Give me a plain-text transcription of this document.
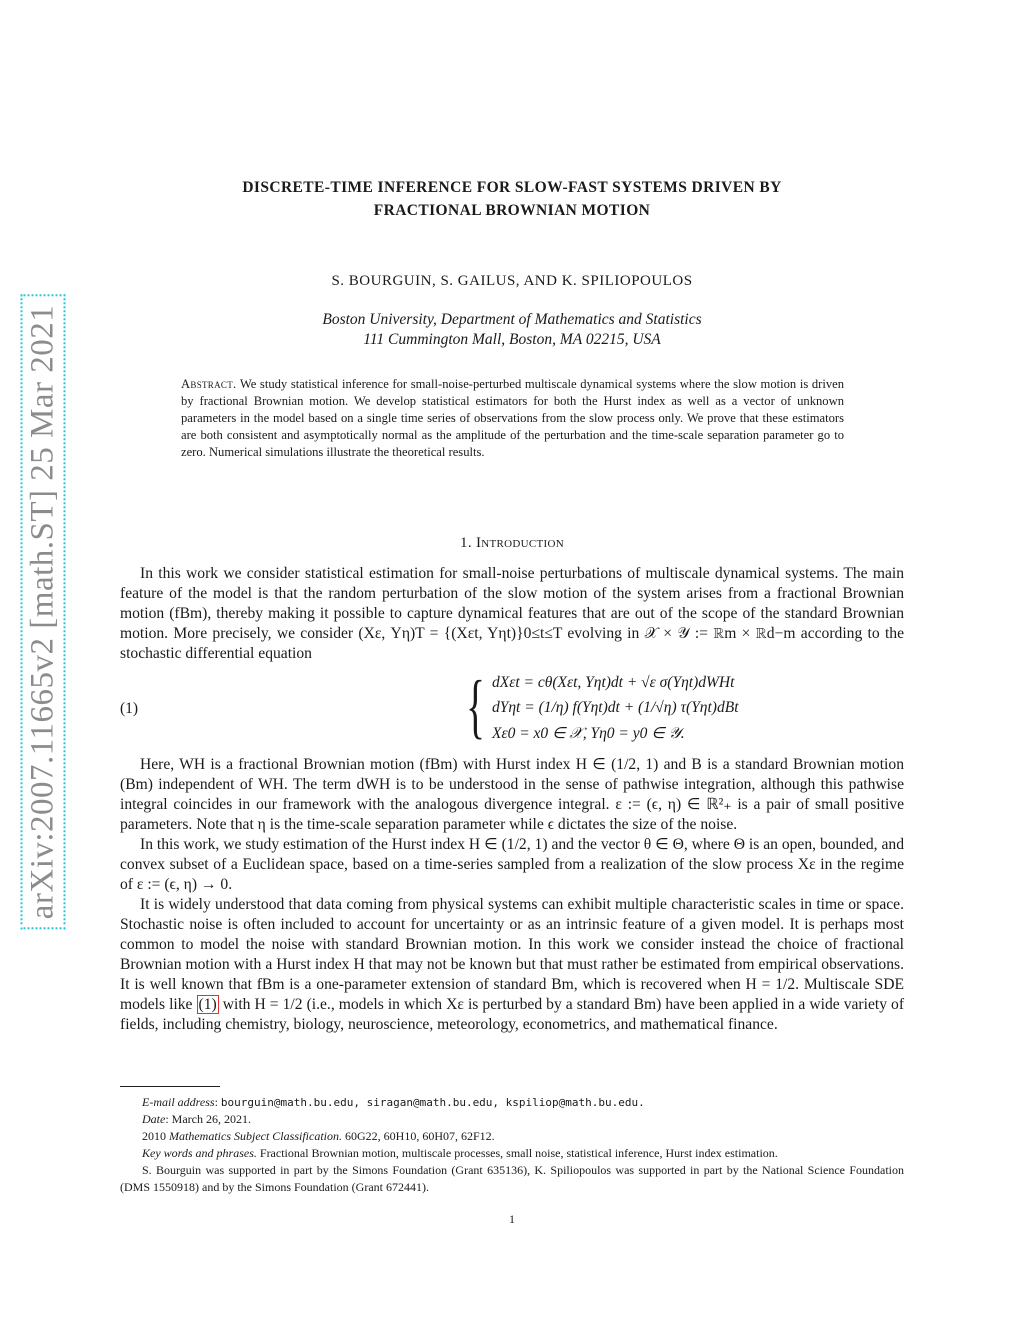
arXiv:2007.11665v2 [math.ST] 25 Mar 2021
DISCRETE-TIME INFERENCE FOR SLOW-FAST SYSTEMS DRIVEN BY
FRACTIONAL BROWNIAN MOTION
S. BOURGUIN, S. GAILUS, AND K. SPILIOPOULOS
Boston University, Department of Mathematics and Statistics
111 Cummington Mall, Boston, MA 02215, USA
Abstract. We study statistical inference for small-noise-perturbed multiscale dynamical systems where the slow motion is driven by fractional Brownian motion. We develop statistical estimators for both the Hurst index as well as a vector of unknown parameters in the model based on a single time series of observations from the slow process only. We prove that these estimators are both consistent and asymptotically normal as the amplitude of the perturbation and the time-scale separation parameter go to zero. Numerical simulations illustrate the theoretical results.
1. Introduction

In this work we consider statistical estimation for small-noise perturbations of multiscale dynamical systems. The main feature of the model is that the random perturbation of the slow motion of the system arises from a fractional Brownian motion (fBm), thereby making it possible to capture dynamical features that are out of the scope of the standard Brownian motion. More precisely, we consider (Xε, Yη)T = {(Xεt, Yηt)}0≤t≤T evolving in 𝒳 × 𝒴 := ℝm × ℝd−m according to the stochastic differential equation

(1)	{ dXεt = cθ(Xεt, Yηt)dt + √ε σ(Yηt)dWHt
dYηt = (1/η) f(Yηt)dt + (1/√η) τ(Yηt)dBt
Xε0 = x0 ∈ 𝒳, Yη0 = y0 ∈ 𝒴.

Here, WH is a fractional Brownian motion (fBm) with Hurst index H ∈ (1/2, 1) and B is a standard Brownian motion (Bm) independent of WH. The term dWH is to be understood in the sense of pathwise integration, although this pathwise integral coincides in our framework with the analogous divergence integral. ε := (ϵ, η) ∈ ℝ²₊ is a pair of small positive parameters. Note that η is the time-scale separation parameter while ϵ dictates the size of the noise.

In this work, we study estimation of the Hurst index H ∈ (1/2, 1) and the vector θ ∈ Θ, where Θ is an open, bounded, and convex subset of a Euclidean space, based on a time-series sampled from a realization of the slow process Xε in the regime of ε := (ϵ, η) → 0.

It is widely understood that data coming from physical systems can exhibit multiple characteristic scales in time or space. Stochastic noise is often included to account for uncertainty or as an intrinsic feature of a given model. It is perhaps most common to model the noise with standard Brownian motion. In this work we consider instead the choice of fractional Brownian motion with a Hurst index H that may not be known but that must rather be estimated from empirical observations. It is well known that fBm is a one-parameter extension of standard Bm, which is recovered when H = 1/2. Multiscale SDE models like (1) with H = 1/2 (i.e., models in which Xε is perturbed by a standard Bm) have been applied in a wide variety of fields, including chemistry, biology, neuroscience, meteorology, econometrics, and mathematical finance.

E-mail address: bourguin@math.bu.edu, siragan@math.bu.edu, kspiliop@math.bu.edu.

Date: March 26, 2021.

2010 Mathematics Subject Classification. 60G22, 60H10, 60H07, 62F12.

Key words and phrases. Fractional Brownian motion, multiscale processes, small noise, statistical inference, Hurst index estimation.

S. Bourguin was supported in part by the Simons Foundation (Grant 635136), K. Spiliopoulos was supported in part by the National Science Foundation (DMS 1550918) and by the Simons Foundation (Grant 672441).

1
